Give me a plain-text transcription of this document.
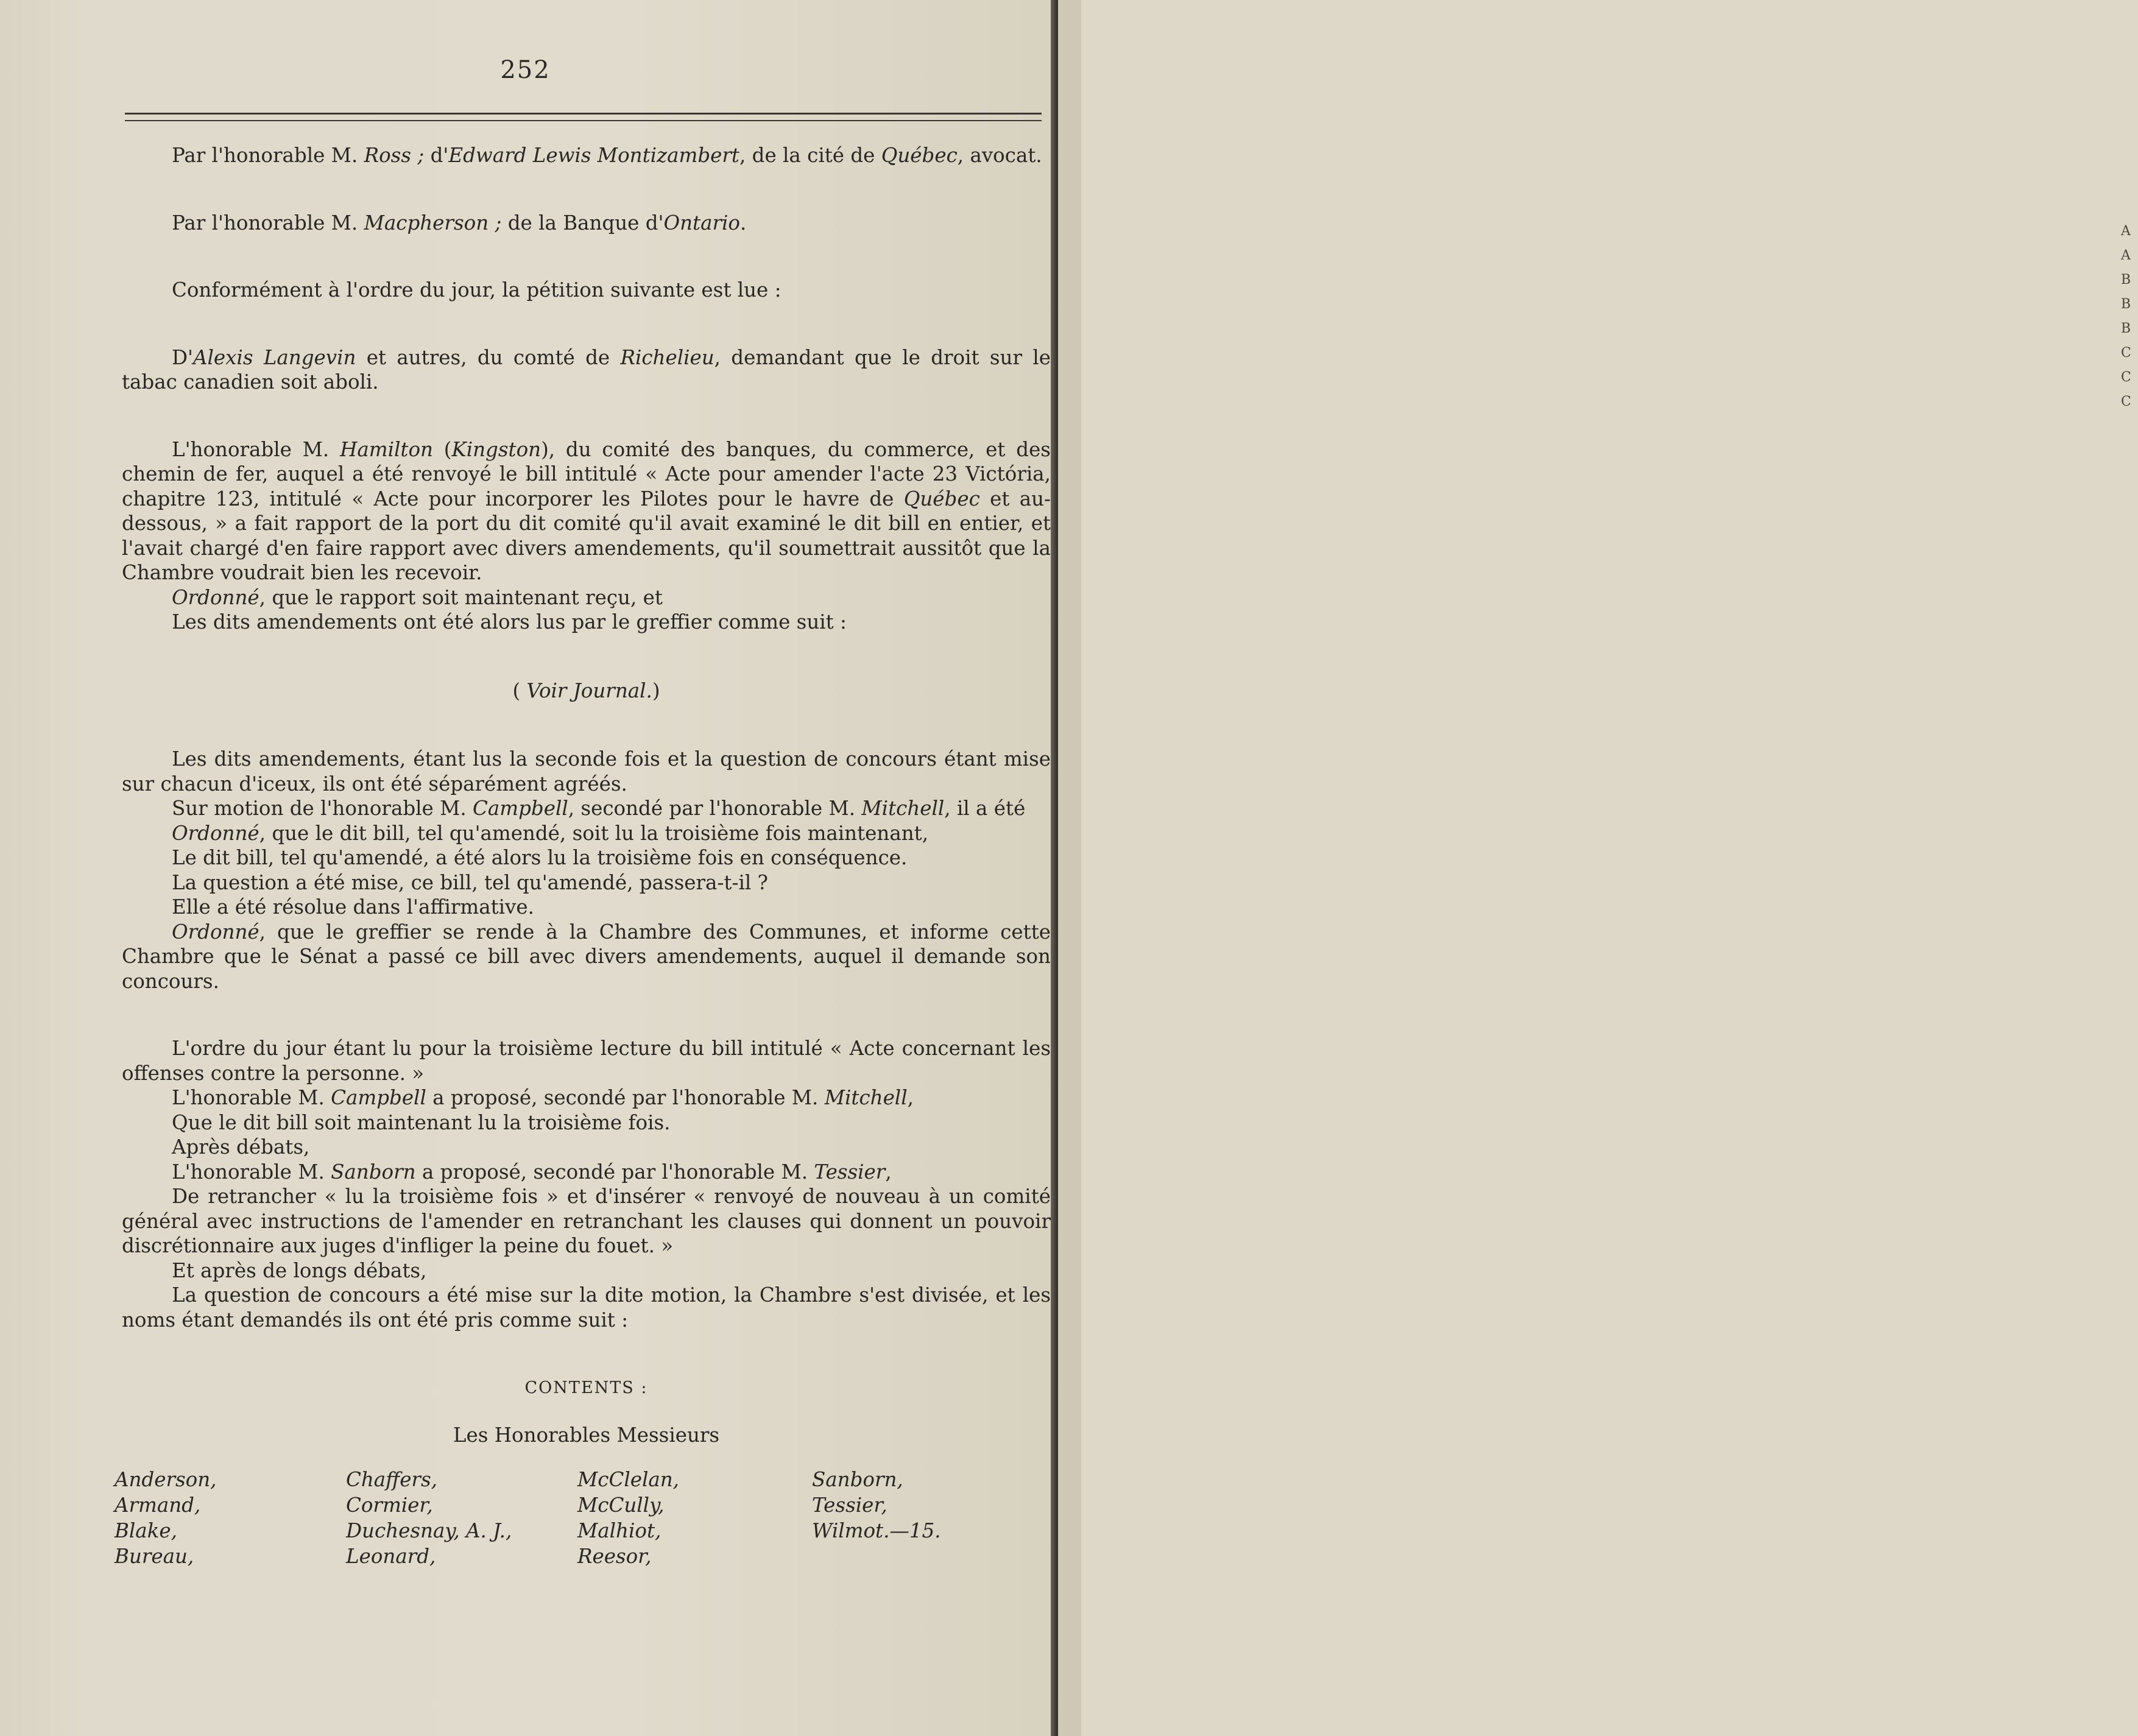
252

Par l'honorable M. Ross ; d'Edward Lewis Montizambert, de la cité de Québec, avocat.

Par l'honorable M. Macpherson ; de la Banque d'Ontario.

Conformément à l'ordre du jour, la pétition suivante est lue :

D'Alexis Langevin et autres, du comté de Richelieu, demandant que le droit sur le tabac canadien soit aboli.

L'honorable M. Hamilton (Kingston), du comité des banques, du commerce, et des chemin de fer, auquel a été renvoyé le bill intitulé « Acte pour amender l'acte 23 Victória, chapitre 123, intitulé « Acte pour incorporer les Pilotes pour le havre de Québec et au-dessous, » a fait rapport de la port du dit comité qu'il avait examiné le dit bill en entier, et l'avait chargé d'en faire rapport avec divers amendements, qu'il soumettrait aussitôt que la Chambre voudrait bien les recevoir.

Ordonné, que le rapport soit maintenant reçu, et

Les dits amendements ont été alors lus par le greffier comme suit :

( Voir Journal.)

Les dits amendements, étant lus la seconde fois et la question de concours étant mise sur chacun d'iceux, ils ont été séparément agréés.

Sur motion de l'honorable M. Campbell, secondé par l'honorable M. Mitchell, il a été

Ordonné, que le dit bill, tel qu'amendé, soit lu la troisième fois maintenant,

Le dit bill, tel qu'amendé, a été alors lu la troisième fois en conséquence.

La question a été mise, ce bill, tel qu'amendé, passera-t-il ?

Elle a été résolue dans l'affirmative.

Ordonné, que le greffier se rende à la Chambre des Communes, et informe cette Chambre que le Sénat a passé ce bill avec divers amendements, auquel il demande son concours.

L'ordre du jour étant lu pour la troisième lecture du bill intitulé « Acte concernant les offenses contre la personne. »

L'honorable M. Campbell a proposé, secondé par l'honorable M. Mitchell,

Que le dit bill soit maintenant lu la troisième fois.

Après débats,

L'honorable M. Sanborn a proposé, secondé par l'honorable M. Tessier,

De retrancher « lu la troisième fois » et d'insérer « renvoyé de nouveau à un comité général avec instructions de l'amender en retranchant les clauses qui donnent un pouvoir discrétionnaire aux juges d'infliger la peine du fouet. »

Et après de longs débats,

La question de concours a été mise sur la dite motion, la Chambre s'est divisée, et les noms étant demandés ils ont été pris comme suit :

CONTENTS :

Les Honorables Messieurs

Anderson,
Armand,
Blake,
Bureau,
Chaffers,
Cormier,
Duchesnay, A. J.,
Leonard,
McClelan,
McCully,
Malhiot,
Reesor,
Sanborn,
Tessier,
Wilmot.—15.
A
A
B
B
B
C
C
C
